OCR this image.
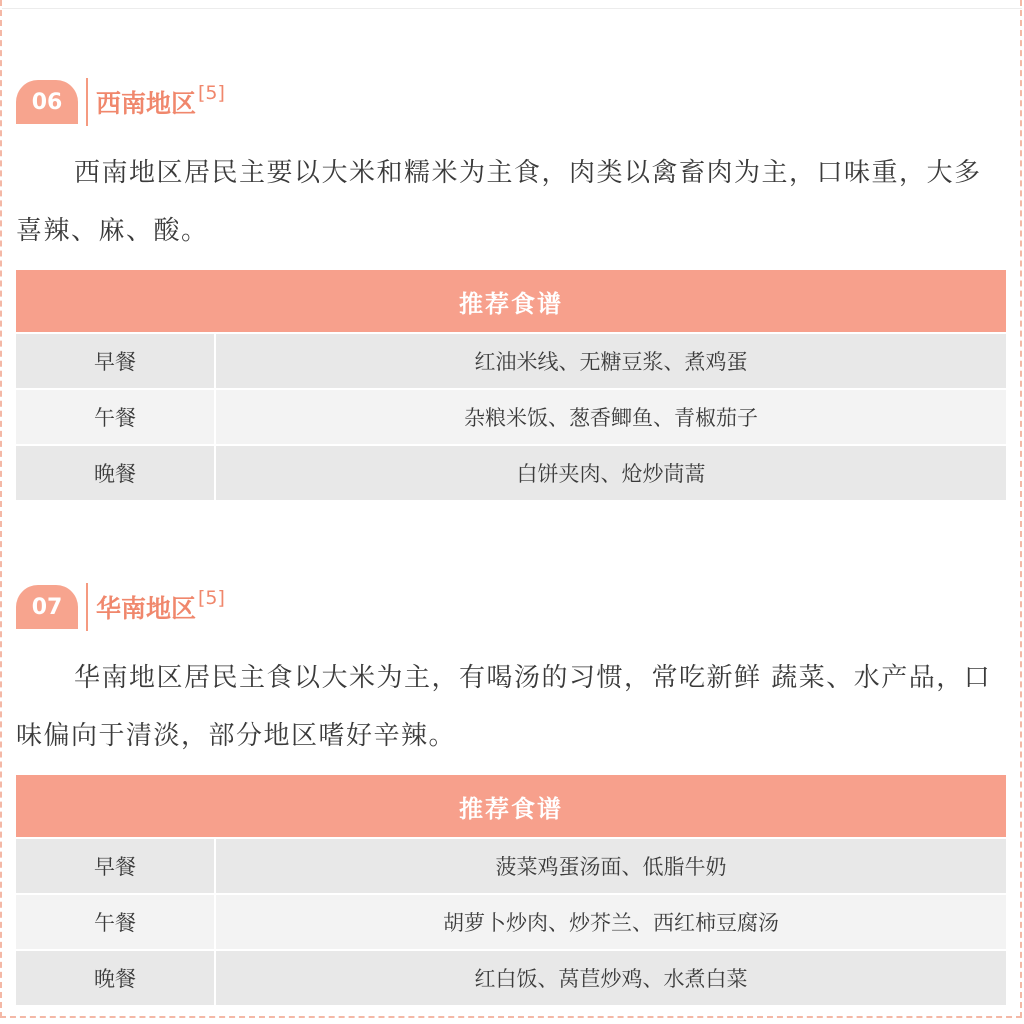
06	西南地区 [5]

西南地区居民主要以大米和糯米为主食，肉类以禽畜肉为主，口味重，大多喜辣、麻、酸。

推荐食谱	
早餐	红油米线、无糖豆浆、煮鸡蛋
午餐	杂粮米饭、葱香鲫鱼、青椒茄子
晚餐	白饼夹肉、炝炒茼蒿
07	华南地区 [5]

华南地区居民主食以大米为主，有喝汤的习惯，常吃新鲜 蔬菜、水产品，口味偏向于清淡，部分地区嗜好辛辣。

推荐食谱	
早餐	菠菜鸡蛋汤面、低脂牛奶
午餐	胡萝卜炒肉、炒芥兰、西红柿豆腐汤
晚餐	红白饭、莴苣炒鸡、水煮白菜
